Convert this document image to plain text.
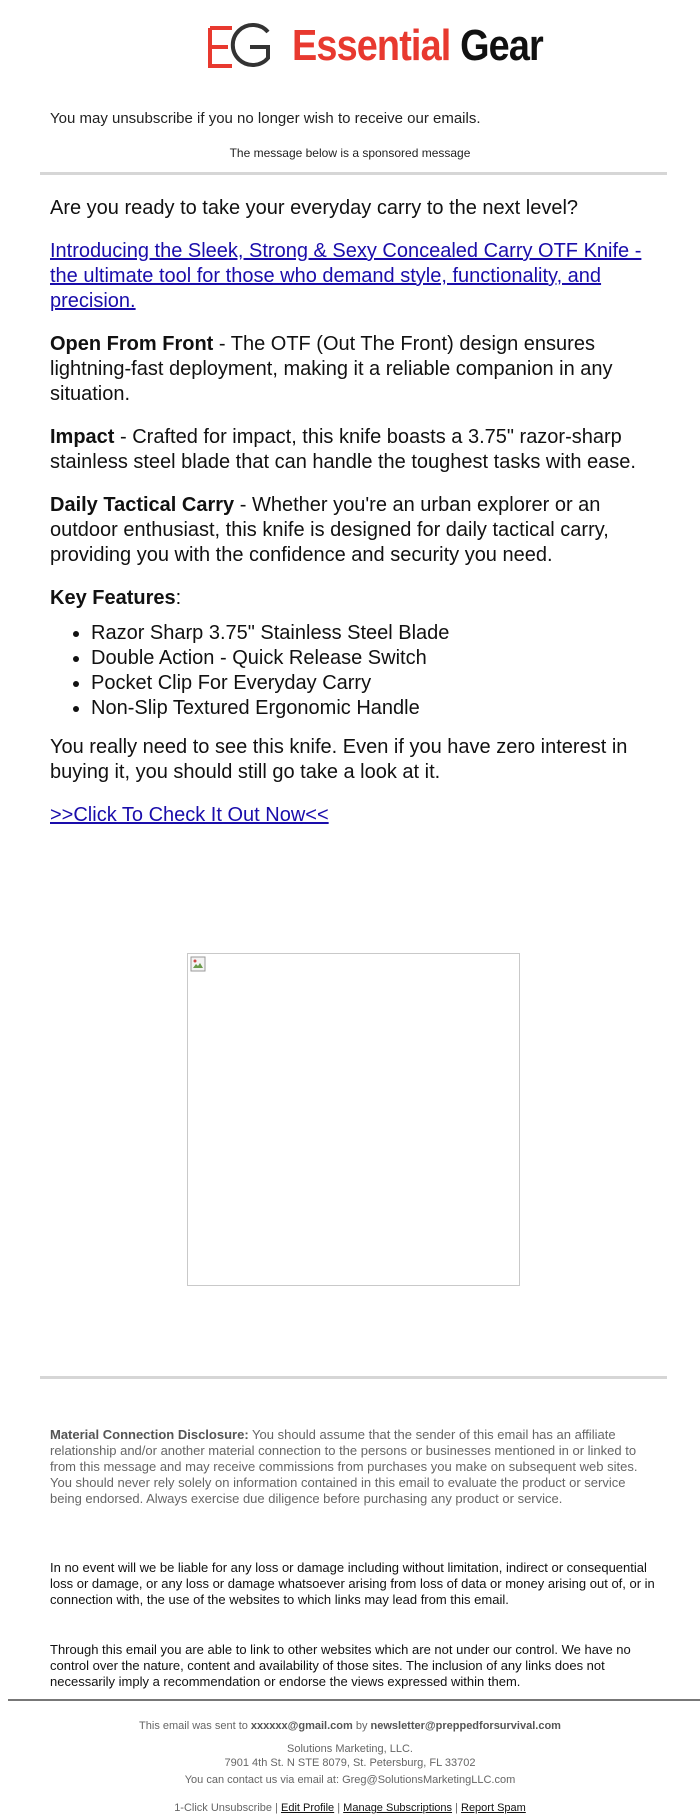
Essential Gear
You may unsubscribe if you no longer wish to receive our emails.
The message below is a sponsored message

Are you ready to take your everyday carry to the next level?

Introducing the Sleek, Strong & Sexy Concealed Carry OTF Knife - the ultimate tool for those who demand style, functionality, and precision.

Open From Front - The OTF (Out The Front) design ensures lightning-fast deployment, making it a reliable companion in any situation.

Impact - Crafted for impact, this knife boasts a 3.75" razor-sharp stainless steel blade that can handle the toughest tasks with ease.

Daily Tactical Carry - Whether you're an urban explorer or an outdoor enthusiast, this knife is designed for daily tactical carry, providing you with the confidence and security you need.

Key Features:

• Razor Sharp 3.75" Stainless Steel Blade
• Double Action - Quick Release Switch
• Pocket Clip For Everyday Carry
• Non-Slip Textured Ergonomic Handle

You really need to see this knife. Even if you have zero interest in buying it, you should still go take a look at it.

>>Click To Check It Out Now<<

Material Connection Disclosure: You should assume that the sender of this email has an affiliate relationship and/or another material connection to the persons or businesses mentioned in or linked to from this message and may receive commissions from purchases you make on subsequent web sites. You should never rely solely on information contained in this email to evaluate the product or service being endorsed. Always exercise due diligence before purchasing any product or service.

In no event will we be liable for any loss or damage including without limitation, indirect or consequential loss or damage, or any loss or damage whatsoever arising from loss of data or money arising out of, or in connection with, the use of the websites to which links may lead from this email.

Through this email you are able to link to other websites which are not under our control. We have no control over the nature, content and availability of those sites. The inclusion of any links does not necessarily imply a recommendation or endorse the views expressed within them.

This email was sent to xxxxxx@gmail.com by newsletter@preppedforsurvival.com
Solutions Marketing, LLC.
7901 4th St. N STE 8079, St. Petersburg, FL 33702
You can contact us via email at: Greg@SolutionsMarketingLLC.com
1-Click Unsubscribe | Edit Profile | Manage Subscriptions | Report Spam
